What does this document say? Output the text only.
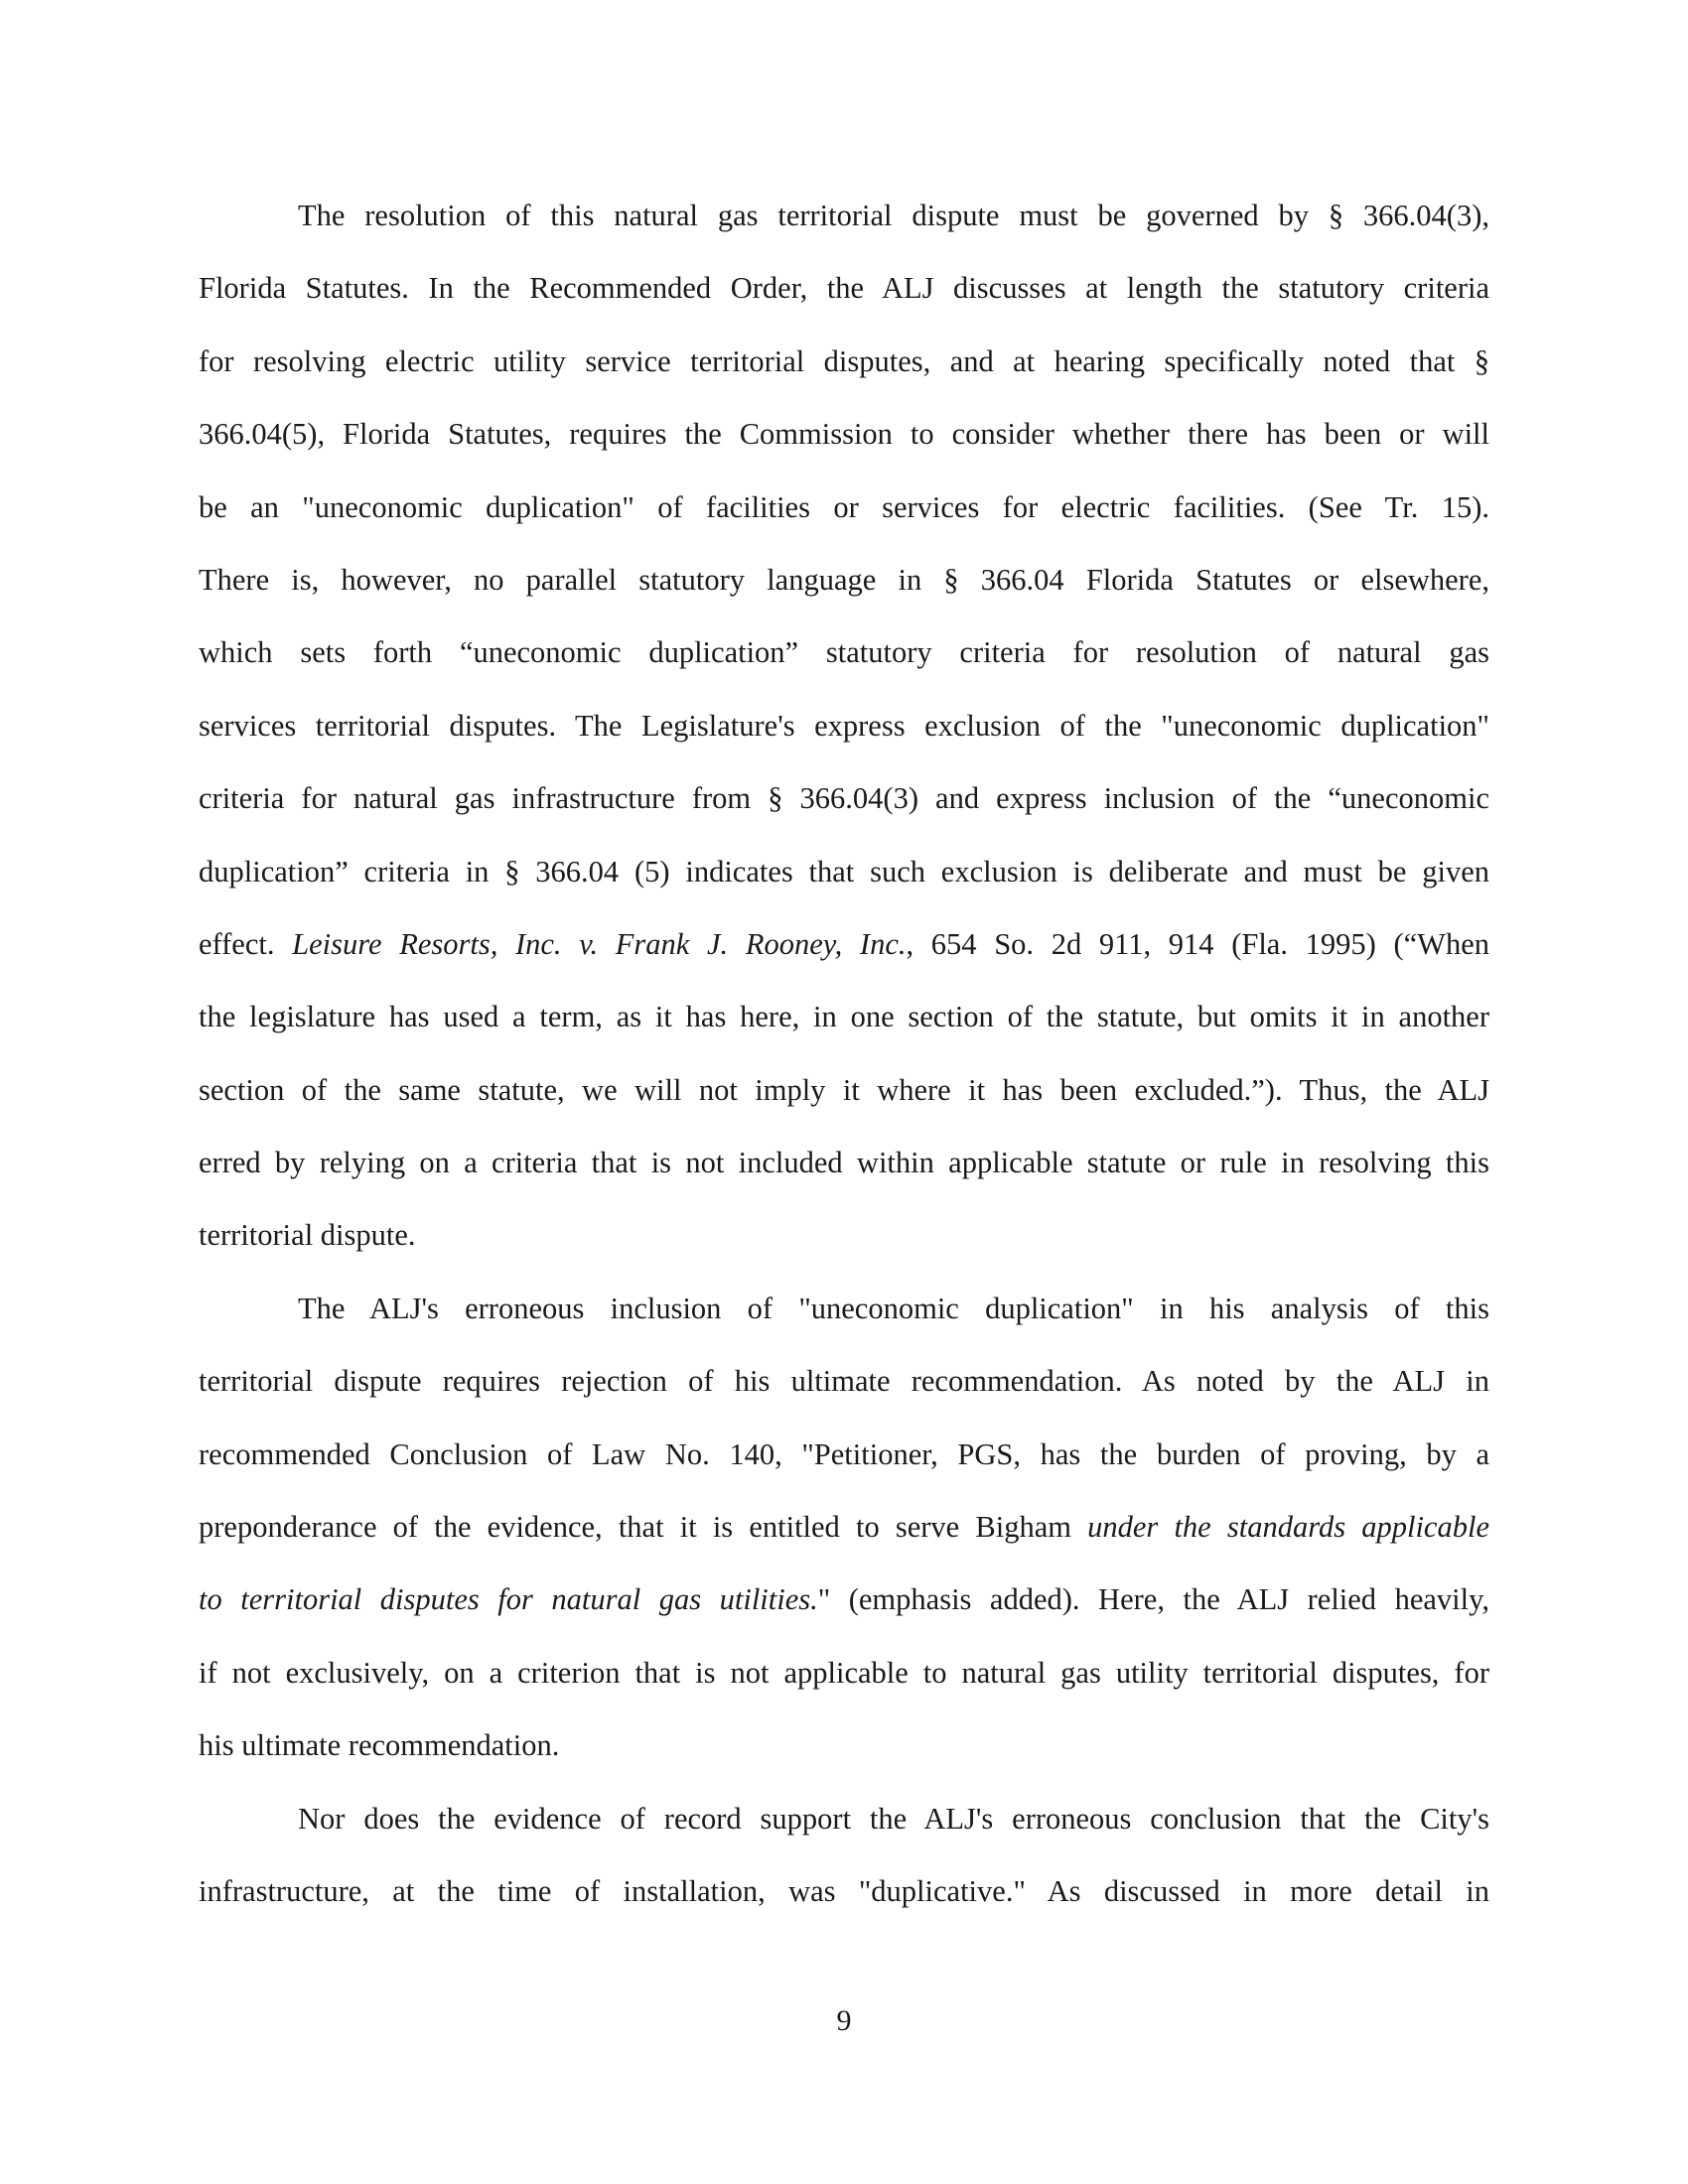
The resolution of this natural gas territorial dispute must be governed by § 366.04(3),
Florida Statutes. In the Recommended Order, the ALJ discusses at length the statutory criteria
for resolving electric utility service territorial disputes, and at hearing specifically noted that §
366.04(5), Florida Statutes, requires the Commission to consider whether there has been or will
be an "uneconomic duplication" of facilities or services for electric facilities. (See Tr. 15).
There is, however, no parallel statutory language in § 366.04 Florida Statutes or elsewhere,
which sets forth “uneconomic duplication” statutory criteria for resolution of natural gas
services territorial disputes. The Legislature's express exclusion of the "uneconomic duplication"
criteria for natural gas infrastructure from § 366.04(3) and express inclusion of the “uneconomic
duplication” criteria in § 366.04 (5) indicates that such exclusion is deliberate and must be given
effect. Leisure Resorts, Inc. v. Frank J. Rooney, Inc., 654 So. 2d 911, 914 (Fla. 1995) (“When
the legislature has used a term, as it has here, in one section of the statute, but omits it in another
section of the same statute, we will not imply it where it has been excluded.”). Thus, the ALJ
erred by relying on a criteria that is not included within applicable statute or rule in resolving this
territorial dispute.
The ALJ's erroneous inclusion of "uneconomic duplication" in his analysis of this
territorial dispute requires rejection of his ultimate recommendation. As noted by the ALJ in
recommended Conclusion of Law No. 140, "Petitioner, PGS, has the burden of proving, by a
preponderance of the evidence, that it is entitled to serve Bigham under the standards applicable
to territorial disputes for natural gas utilities." (emphasis added). Here, the ALJ relied heavily,
if not exclusively, on a criterion that is not applicable to natural gas utility territorial disputes, for
his ultimate recommendation.
Nor does the evidence of record support the ALJ's erroneous conclusion that the City's
infrastructure, at the time of installation, was "duplicative." As discussed in more detail in
9
